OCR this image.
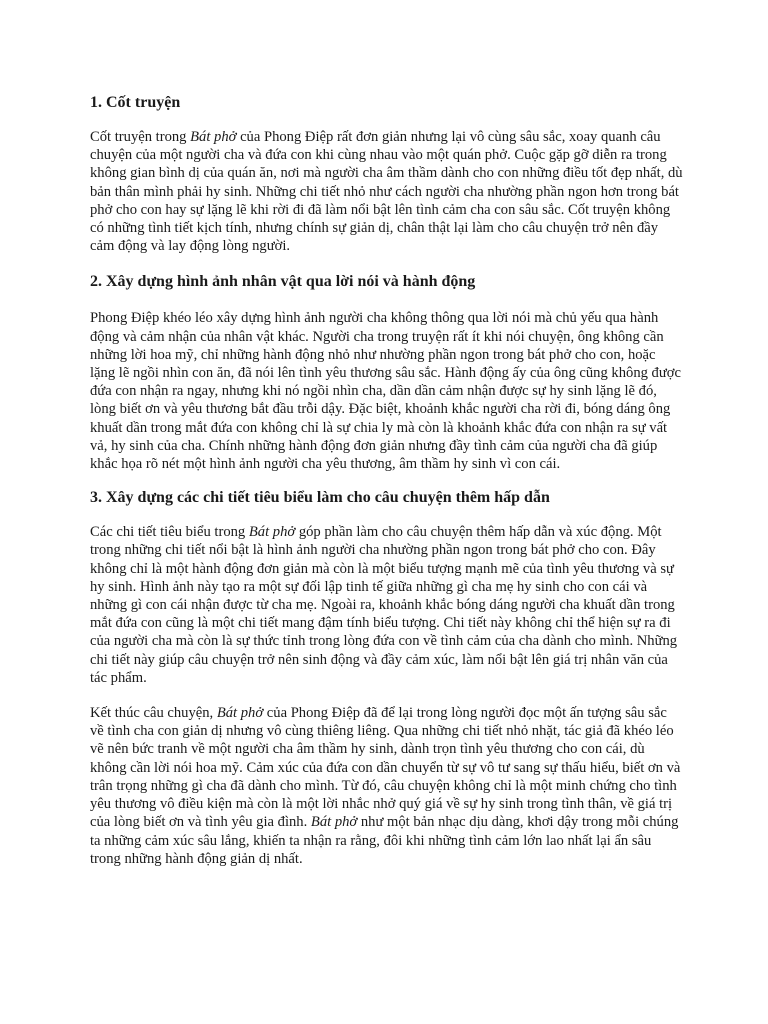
1. Cốt truyện

Cốt truyện trong Bát phở của Phong Điệp rất đơn giản nhưng lại vô cùng sâu sắc, xoay quanh câu chuyện của một người cha và đứa con khi cùng nhau vào một quán phở. Cuộc gặp gỡ diễn ra trong không gian bình dị của quán ăn, nơi mà người cha âm thầm dành cho con những điều tốt đẹp nhất, dù bản thân mình phải hy sinh. Những chi tiết nhỏ như cách người cha nhường phần ngon hơn trong bát phở cho con hay sự lặng lẽ khi rời đi đã làm nổi bật lên tình cảm cha con sâu sắc. Cốt truyện không có những tình tiết kịch tính, nhưng chính sự giản dị, chân thật lại làm cho câu chuyện trở nên đầy cảm động và lay động lòng người.

2. Xây dựng hình ảnh nhân vật qua lời nói và hành động

Phong Điệp khéo léo xây dựng hình ảnh người cha không thông qua lời nói mà chủ yếu qua hành động và cảm nhận của nhân vật khác. Người cha trong truyện rất ít khi nói chuyện, ông không cần những lời hoa mỹ, chỉ những hành động nhỏ như nhường phần ngon trong bát phở cho con, hoặc lặng lẽ ngồi nhìn con ăn, đã nói lên tình yêu thương sâu sắc. Hành động ấy của ông cũng không được đứa con nhận ra ngay, nhưng khi nó ngồi nhìn cha, dần dần cảm nhận được sự hy sinh lặng lẽ đó, lòng biết ơn và yêu thương bắt đầu trỗi dậy. Đặc biệt, khoảnh khắc người cha rời đi, bóng dáng ông khuất dần trong mắt đứa con không chỉ là sự chia ly mà còn là khoảnh khắc đứa con nhận ra sự vất vả, hy sinh của cha. Chính những hành động đơn giản nhưng đầy tình cảm của người cha đã giúp khắc họa rõ nét một hình ảnh người cha yêu thương, âm thầm hy sinh vì con cái.

3. Xây dựng các chi tiết tiêu biểu làm cho câu chuyện thêm hấp dẫn

Các chi tiết tiêu biểu trong Bát phở góp phần làm cho câu chuyện thêm hấp dẫn và xúc động. Một trong những chi tiết nổi bật là hình ảnh người cha nhường phần ngon trong bát phở cho con. Đây không chỉ là một hành động đơn giản mà còn là một biểu tượng mạnh mẽ của tình yêu thương và sự hy sinh. Hình ảnh này tạo ra một sự đối lập tinh tế giữa những gì cha mẹ hy sinh cho con cái và những gì con cái nhận được từ cha mẹ. Ngoài ra, khoảnh khắc bóng dáng người cha khuất dần trong mắt đứa con cũng là một chi tiết mang đậm tính biểu tượng. Chi tiết này không chỉ thể hiện sự ra đi của người cha mà còn là sự thức tỉnh trong lòng đứa con về tình cảm của cha dành cho mình. Những chi tiết này giúp câu chuyện trở nên sinh động và đầy cảm xúc, làm nổi bật lên giá trị nhân văn của tác phẩm.

Kết thúc câu chuyện, Bát phở của Phong Điệp đã để lại trong lòng người đọc một ấn tượng sâu sắc về tình cha con giản dị nhưng vô cùng thiêng liêng. Qua những chi tiết nhỏ nhặt, tác giả đã khéo léo vẽ nên bức tranh về một người cha âm thầm hy sinh, dành trọn tình yêu thương cho con cái, dù không cần lời nói hoa mỹ. Cảm xúc của đứa con dần chuyển từ sự vô tư sang sự thấu hiểu, biết ơn và trân trọng những gì cha đã dành cho mình. Từ đó, câu chuyện không chỉ là một minh chứng cho tình yêu thương vô điều kiện mà còn là một lời nhắc nhở quý giá về sự hy sinh trong tình thân, về giá trị của lòng biết ơn và tình yêu gia đình. Bát phở như một bản nhạc dịu dàng, khơi dậy trong mỗi chúng ta những cảm xúc sâu lắng, khiến ta nhận ra rằng, đôi khi những tình cảm lớn lao nhất lại ẩn sâu trong những hành động giản dị nhất.
